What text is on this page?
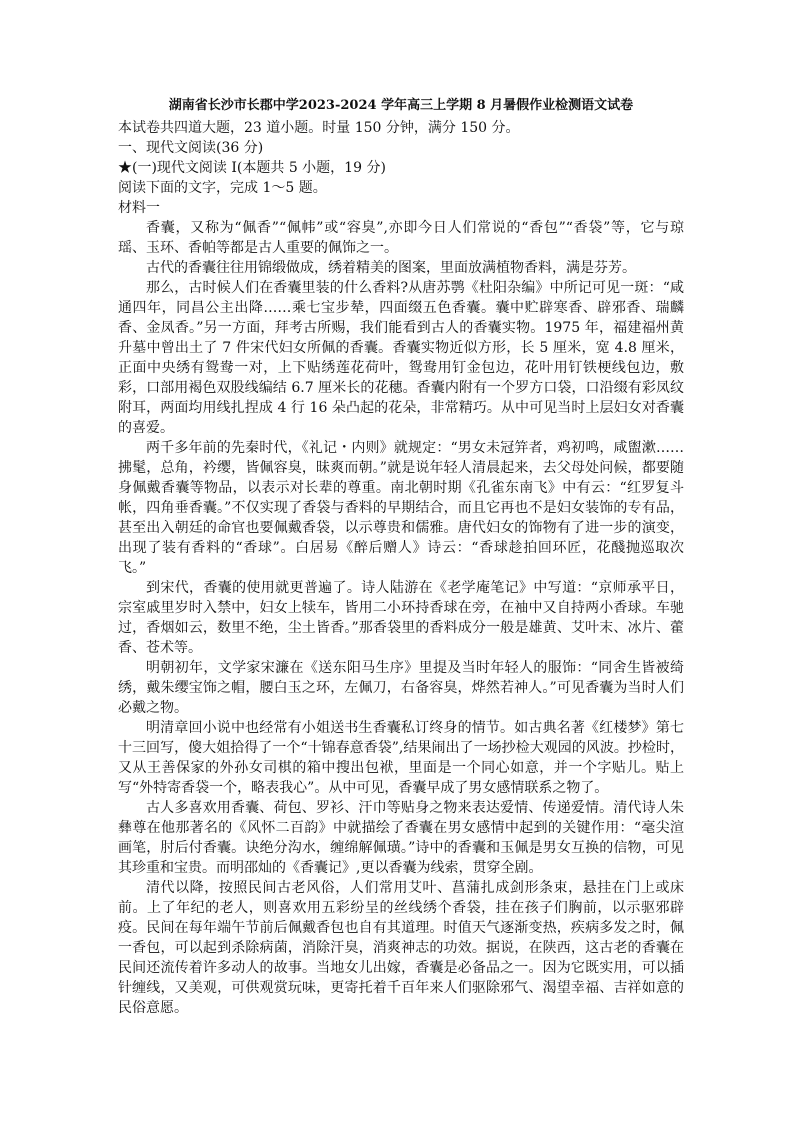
湖南省长沙市长郡中学2023-2024 学年高三上学期 8 月暑假作业检测语文试卷

本试卷共四道大题，23 道小题。时量 150 分钟，满分 150 分。

一、现代文阅读(36 分)

★(一)现代文阅读 I(本题共 5 小题，19 分)

阅读下面的文字，完成 1～5 题。

材料一

香囊，又称为“佩香”“佩帏”或“容臭”,亦即今日人们常说的“香包”“香袋”等，它与琼瑶、玉环、香帕等都是古人重要的佩饰之一。

古代的香囊往往用锦缎做成，绣着精美的图案，里面放满植物香料，满是芬芳。

那么，古时候人们在香囊里装的什么香料?从唐苏鹗《杜阳杂编》中所记可见一斑：“咸通四年，同昌公主出降……乘七宝步辇，四面缀五色香囊。囊中贮辟寒香、辟邪香、瑞麟香、金凤香。”另一方面，拜考古所赐，我们能看到古人的香囊实物。1975 年，福建福州黄升墓中曾出土了 7 件宋代妇女所佩的香囊。香囊实物近似方形，长 5 厘米，宽 4.8 厘米，正面中央绣有鸳鸯一对，上下贴绣莲花荷叶，鸳鸯用钉金包边，花叶用钉铁梗线包边，敷彩，口部用褐色双股线编结 6.7 厘米长的花穗。香囊内附有一个罗方口袋，口沿缀有彩凤纹附耳，两面均用线扎捏成 4 行 16 朵凸起的花朵，非常精巧。从中可见当时上层妇女对香囊的喜爱。

两千多年前的先秦时代，《礼记・内则》就规定：“男女未冠笄者，鸡初鸣，咸盥漱……拂髦，总角，衿缨，皆佩容臭，昧爽而朝。”就是说年轻人清晨起来，去父母处问候，都要随身佩戴香囊等物品，以表示对长辈的尊重。南北朝时期《孔雀东南飞》中有云：“红罗复斗帐，四角垂香囊。”不仅实现了香袋与香料的早期结合，而且它再也不是妇女装饰的专有品，甚至出入朝廷的命官也要佩戴香袋，以示尊贵和儒雅。唐代妇女的饰物有了进一步的演变，出现了装有香料的“香球”。白居易《醉后赠人》诗云：“香球趁拍回环匠，花醆抛巡取次飞。”

到宋代，香囊的使用就更普遍了。诗人陆游在《老学庵笔记》中写道：“京师承平日，宗室戚里岁时入禁中，妇女上犊车，皆用二小环持香球在旁，在袖中又自持两小香球。车驰过，香烟如云，数里不绝，尘土皆香。”那香袋里的香料成分一般是雄黄、艾叶末、冰片、藿香、苍术等。

明朝初年，文学家宋濂在《送东阳马生序》里提及当时年轻人的服饰：“同舍生皆被绮绣，戴朱缨宝饰之帽，腰白玉之环，左佩刀，右备容臭，烨然若神人。”可见香囊为当时人们必戴之物。

明清章回小说中也经常有小姐送书生香囊私订终身的情节。如古典名著《红楼梦》第七十三回写，傻大姐拾得了一个“十锦春意香袋”,结果闹出了一场抄检大观园的风波。抄检时，又从王善保家的外孙女司棋的箱中搜出包袱，里面是一个同心如意，并一个字贴儿。贴上写“外特寄香袋一个，略表我心”。从中可见，香囊早成了男女感情联系之物了。

古人多喜欢用香囊、荷包、罗衫、汗巾等贴身之物来表达爱情、传递爱情。清代诗人朱彝尊在他那著名的《风怀二百韵》中就描绘了香囊在男女感情中起到的关键作用：“毫尖渲画笔，肘后付香囊。诀绝分沟水，缠绵解佩璜。”诗中的香囊和玉佩是男女互换的信物，可见其珍重和宝贵。而明邵灿的《香囊记》,更以香囊为线索，贯穿全剧。

清代以降，按照民间古老风俗，人们常用艾叶、菖蒲扎成剑形条束，悬挂在门上或床前。上了年纪的老人，则喜欢用五彩纷呈的丝线绣个香袋，挂在孩子们胸前，以示驱邪辟疫。民间在每年端午节前后佩戴香包也自有其道理。时值天气逐渐变热，疾病多发之时，佩一香包，可以起到杀除病菌，消除汗臭，消爽神志的功效。据说，在陕西，这古老的香囊在民间还流传着许多动人的故事。当地女儿出嫁，香囊是必备品之一。因为它既实用，可以插针缠线，又美观，可供观赏玩味，更寄托着千百年来人们驱除邪气、渴望幸福、吉祥如意的民俗意愿。
